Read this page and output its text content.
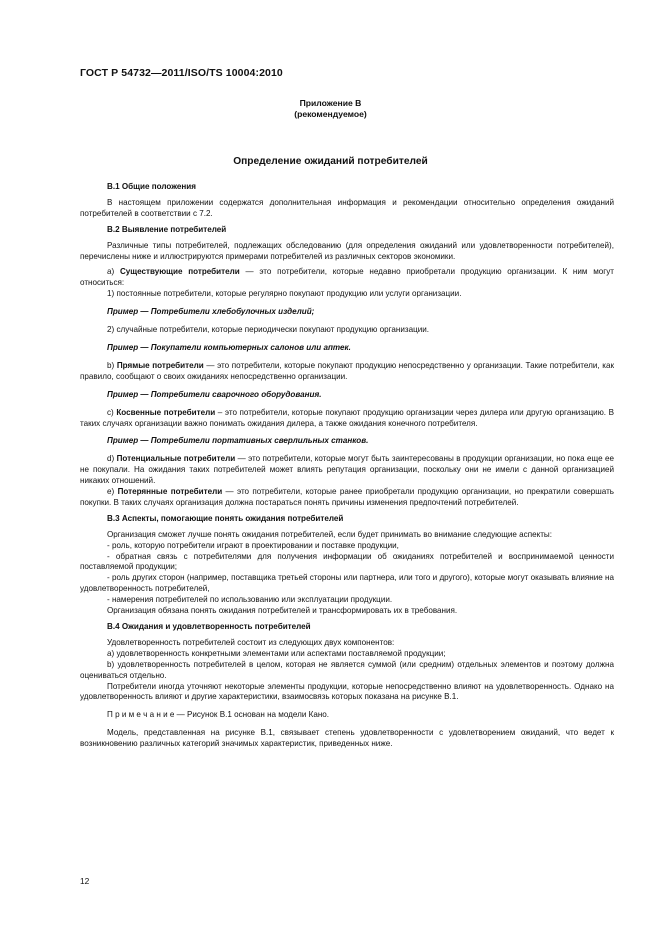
ГОСТ Р 54732—2011/ISO/TS 10004:2010
Приложение В
(рекомендуемое)
Определение ожиданий потребителей

В.1 Общие положения

В настоящем приложении содержатся дополнительная информация и рекомендации относительно определения ожиданий потребителей в соответствии с 7.2.

В.2 Выявление потребителей

Различные типы потребителей, подлежащих обследованию (для определения ожиданий или удовлетворенности потребителей), перечислены ниже и иллюстрируются примерами потребителей из различных секторов экономики.

а) Существующие потребители — это потребители, которые недавно приобретали продукцию организации. К ним могут относиться:

1) постоянные потребители, которые регулярно покупают продукцию или услуги организации.

Пример — Потребители хлебобулочных изделий;

2) случайные потребители, которые периодически покупают продукцию организации.

Пример — Покупатели компьютерных салонов или аптек.

b) Прямые потребители — это потребители, которые покупают продукцию непосредственно у организации. Такие потребители, как правило, сообщают о своих ожиданиях непосредственно организации.

Пример — Потребители сварочного оборудования.

c) Косвенные потребители – это потребители, которые покупают продукцию организации через дилера или другую организацию. В таких случаях организации важно понимать ожидания дилера, а также ожидания конечного потребителя.

Пример — Потребители портативных сверлильных станков.

d) Потенциальные потребители — это потребители, которые могут быть заинтересованы в продукции организации, но пока еще ее не покупали. На ожидания таких потребителей может влиять репутация организации, поскольку они не имели с данной организацией никаких отношений.

е) Потерянные потребители — это потребители, которые ранее приобретали продукцию организации, но прекратили совершать покупки. В таких случаях организация должна постараться понять причины изменения предпочтений потребителей.

В.3 Аспекты, помогающие понять ожидания потребителей

Организация сможет лучше понять ожидания потребителей, если будет принимать во внимание следующие аспекты:

- роль, которую потребители играют в проектировании и поставке продукции,

- обратная связь с потребителями для получения информации об ожиданиях потребителей и воспринимаемой ценности поставляемой продукции;

- роль других сторон (например, поставщика третьей стороны или партнера, или того и другого), которые могут оказывать влияние на удовлетворенность потребителей,

- намерения потребителей по использованию или эксплуатации продукции.

Организация обязана понять ожидания потребителей и трансформировать их в требования.

В.4 Ожидания и удовлетворенность потребителей

Удовлетворенность потребителей состоит из следующих двух компонентов:

а) удовлетворенность конкретными элементами или аспектами поставляемой продукции;

b) удовлетворенность потребителей в целом, которая не является суммой (или средним) отдельных элементов и поэтому должна оцениваться отдельно.

Потребители иногда уточняют некоторые элементы продукции, которые непосредственно влияют на удовлетворенность. Однако на удовлетворенность влияют и другие характеристики, взаимосвязь которых показана на рисунке В.1.

П р и м е ч а н и е — Рисунок В.1 основан на модели Кано.

Модель, представленная на рисунке В.1, связывает степень удовлетворенности с удовлетворением ожиданий, что ведет к возникновению различных категорий значимых характеристик, приведенных ниже.

12
